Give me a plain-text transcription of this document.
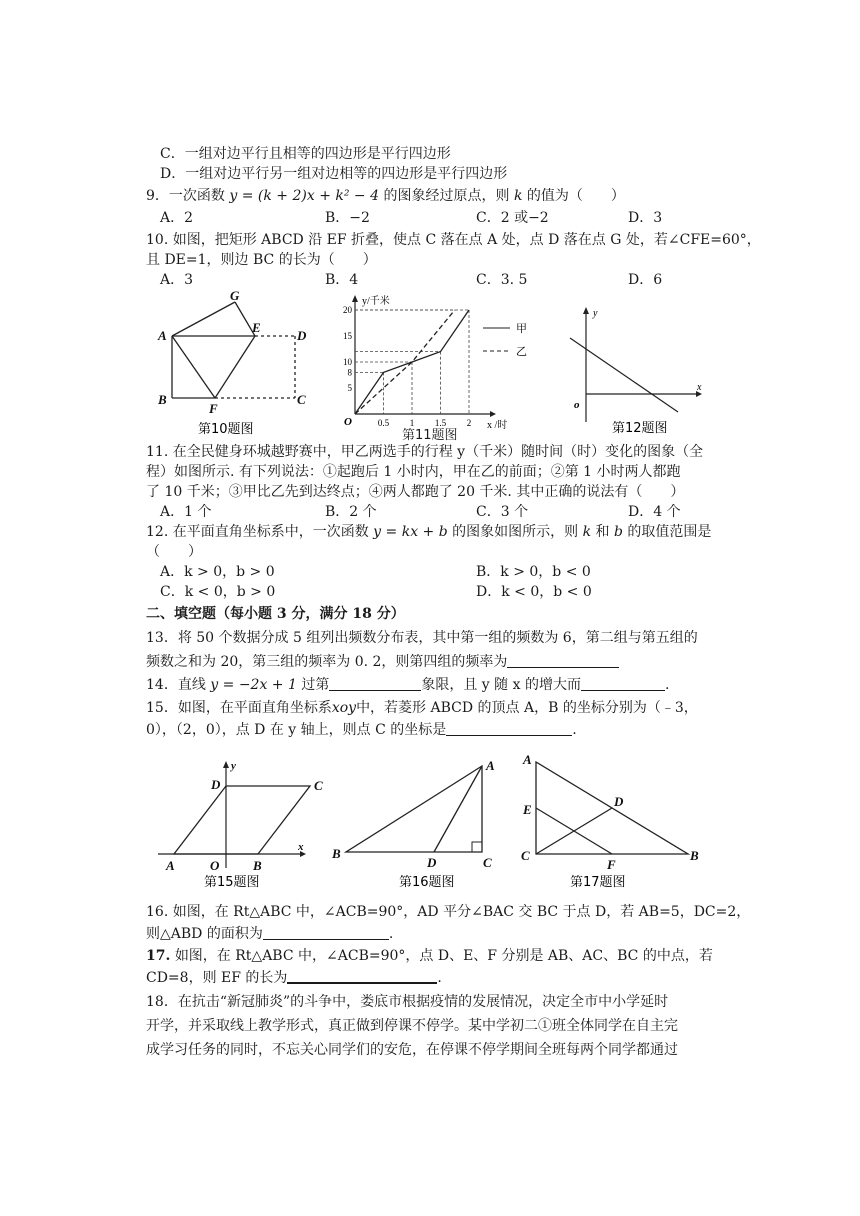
C．一组对边平行且相等的四边形是平行四边形
D．一组对边平行另一组对边相等的四边形是平行四边形
9．一次函数 y = (k + 2)x + k² − 4 的图象经过原点，则 k 的值为（　　）
A．2	B．−2	C．2 或−2	D．3
10. 如图，把矩形 ABCD 沿 EF 折叠，使点 C 落在点 A 处，点 D 落在点 G 处，若∠CFE=60°，
且 DE=1，则边 BC 的长为（　　）
A．3	B．4	C．3. 5	D．6
G
A
E
D
B
F
C
第10题图
y/千米
x /时
O
20
15
10
8
5
0.5 1 1.5 2
甲
乙
第11题图
y
x
o
第12题图
11. 在全民健身环城越野赛中，甲乙两选手的行程 y（千米）随时间（时）变化的图象（全
程）如图所示. 有下列说法：①起跑后 1 小时内，甲在乙的前面；②第 1 小时两人都跑
了 10 千米；③甲比乙先到达终点；④两人都跑了 20 千米. 其中正确的说法有（　　）
A．1 个	B．2 个	C．3 个	D．4 个
12. 在平面直角坐标系中，一次函数 y = kx + b 的图象如图所示，则 k 和 b 的取值范围是
（　　）
A．k > 0，b > 0	B．k > 0，b < 0
C．k < 0，b > 0	D．k < 0，b < 0
二、填空题（每小题 3 分，满分 18 分）
13．将 50 个数据分成 5 组列出频数分布表，其中第一组的频数为 6，第二组与第五组的
频数之和为 20，第三组的频率为 0. 2，则第四组的频率为
14．直线 y = −2x + 1 过第	象限，且 y 随 x 的增大而	.
15．如图，在平面直角坐标系xoy中，若菱形 ABCD 的顶点 A，B 的坐标分别为（﹣3，
0），（2，0），点 D 在 y 轴上，则点 C 的坐标是	.
y
D	C
x
A	O	B
第15题图
A
B
D	C
第16题图
A
E
D
C
F
B
第17题图
16. 如图，在 Rt△ABC 中，∠ACB=90°，AD 平分∠BAC 交 BC 于点 D，若 AB=5，DC=2，
则△ABD 的面积为	.
17. 如图，在 Rt△ABC 中，∠ACB=90°，点 D、E、F 分别是 AB、AC、BC 的中点，若
CD=8，则 EF 的长为	.
18．在抗击“新冠肺炎”的斗争中，娄底市根据疫情的发展情况，决定全市中小学延时
开学，并采取线上教学形式，真正做到停课不停学。某中学初二①班全体同学在自主完
成学习任务的同时，不忘关心同学们的安危，在停课不停学期间全班每两个同学都通过
